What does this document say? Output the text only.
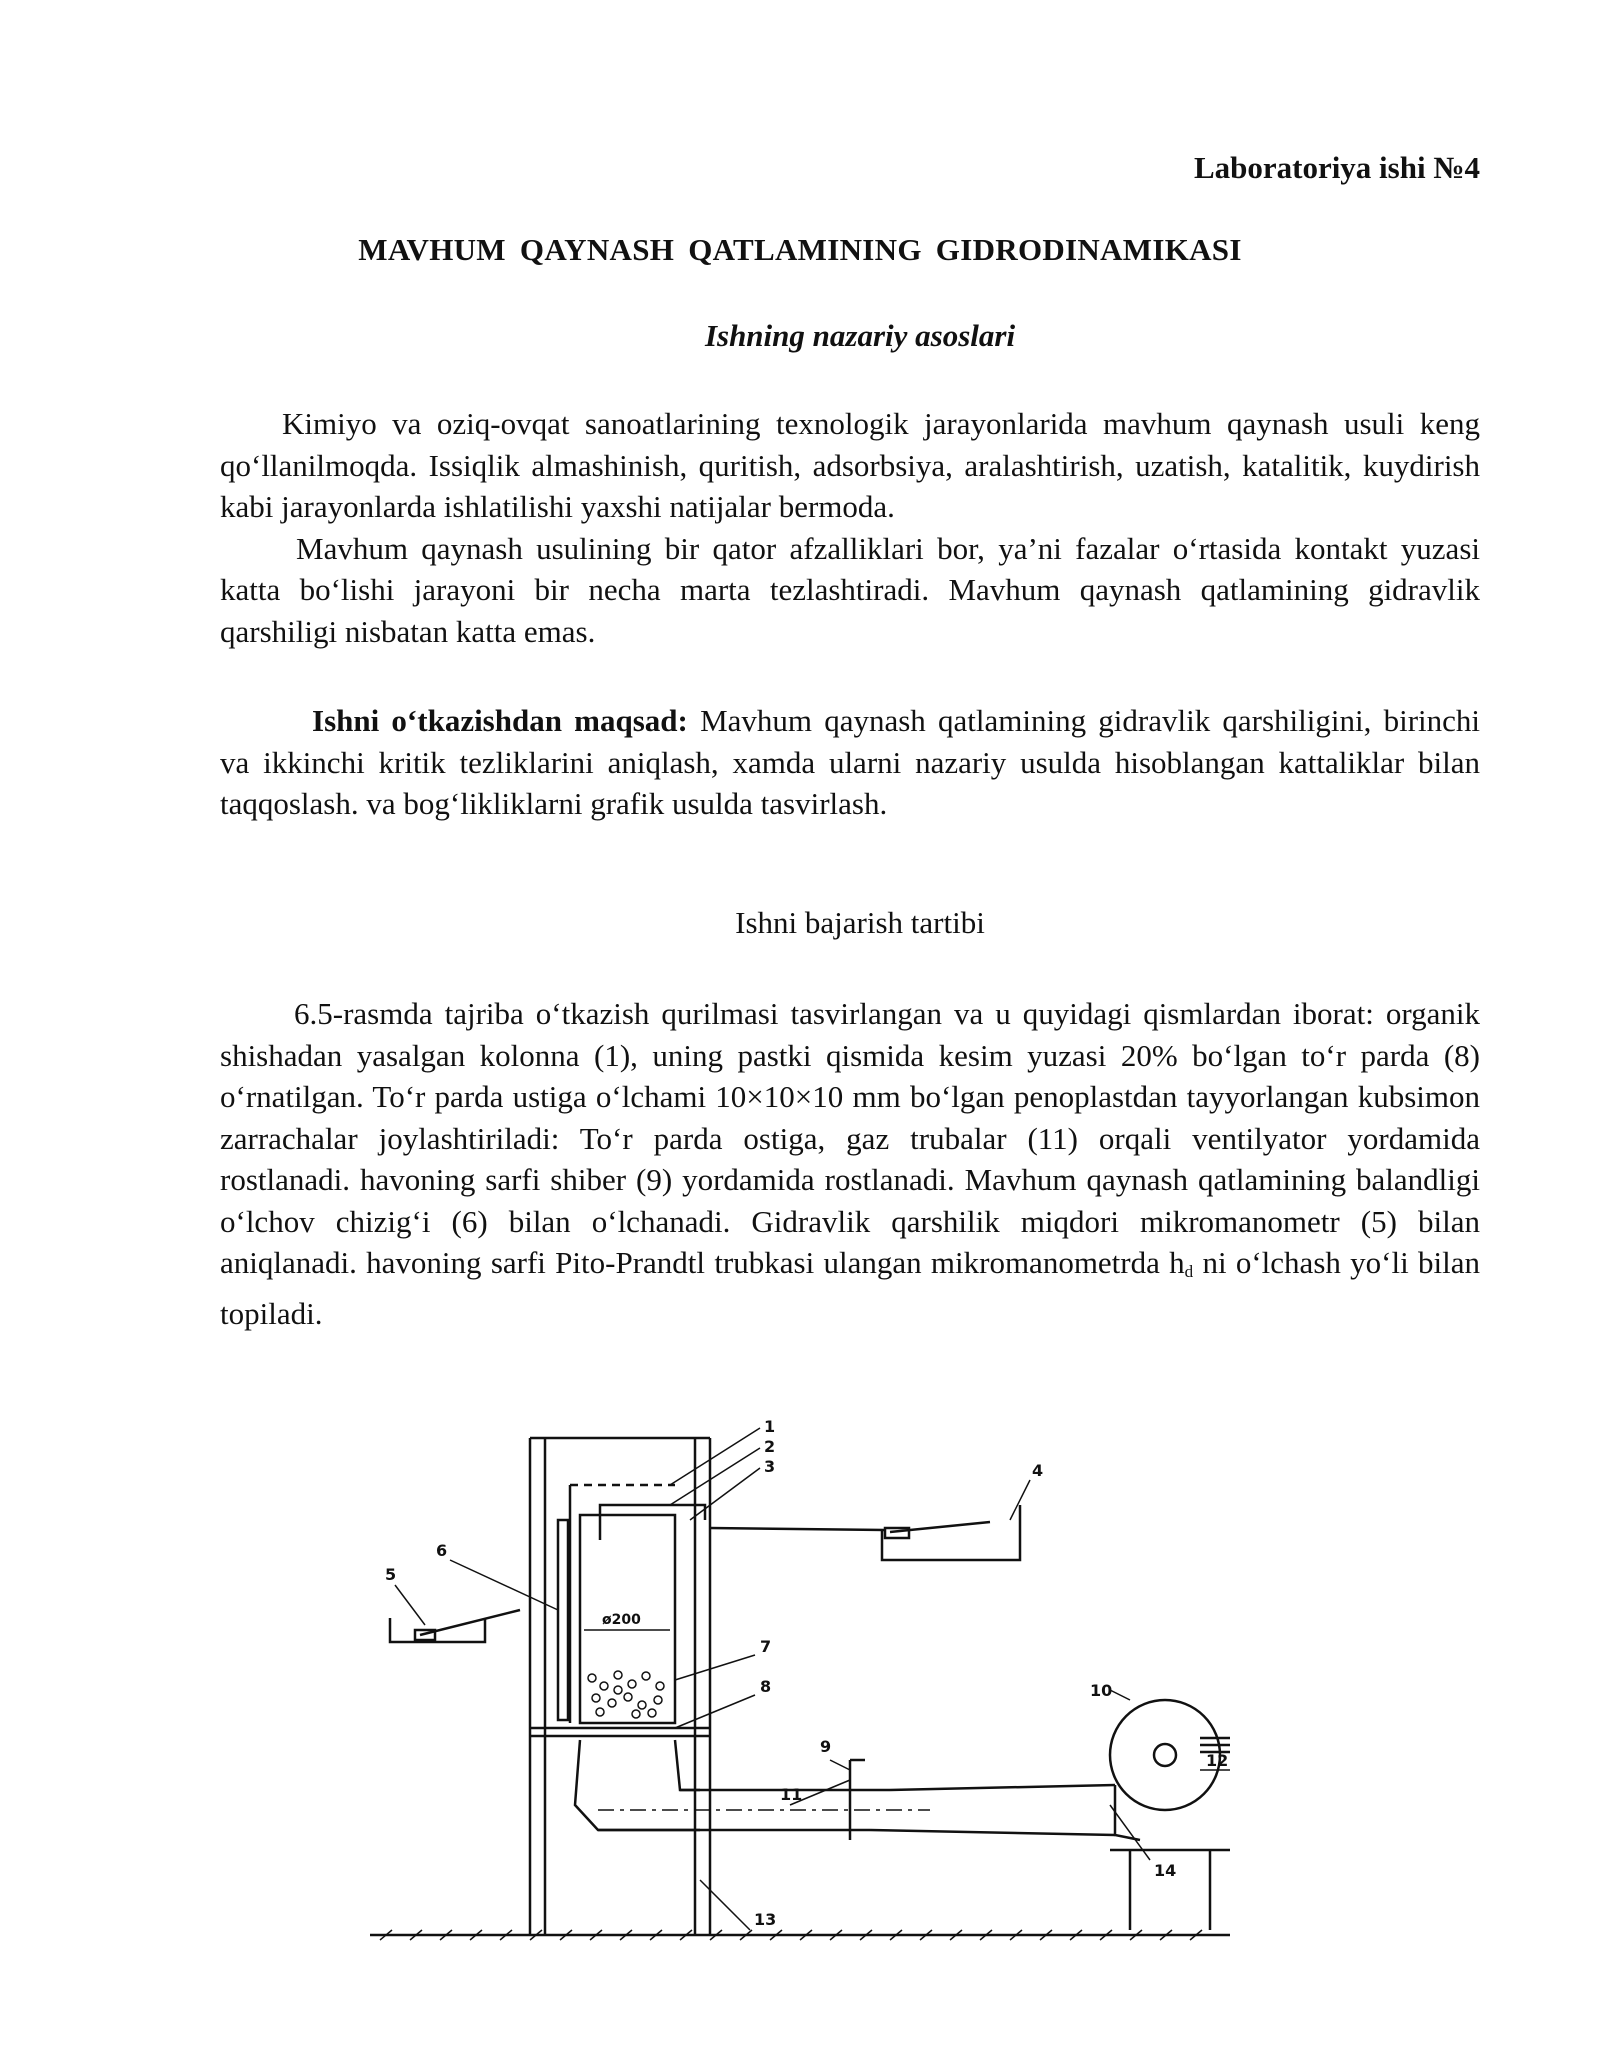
Laboratoriya ishi №4
MAVHUM QAYNASH QATLAMINING GIDRODINAMIKASI
Ishning nazariy asoslari

Kimiyo va oziq-ovqat sanoatlarining texnologik jarayonlarida mavhum qaynash usuli keng qo‘llanilmoqda. Issiqlik almashinish, quritish, adsorbsiya, aralashtirish, uzatish, katalitik, kuydirish kabi jarayonlarda ishlatilishi yaxshi natijalar bermoda.

Mavhum qaynash usulining bir qator afzalliklari bor, ya’ni fazalar o‘rtasida kontakt yuzasi katta bo‘lishi jarayoni bir necha marta tezlashtiradi. Mavhum qaynash qatlamining gidravlik qarshiligi nisbatan katta emas.

Ishni o‘tkazishdan maqsad: Mavhum qaynash qatlamining gidravlik qarshiligini, birinchi va ikkinchi kritik tezliklarini aniqlash, xamda ularni nazariy usulda hisoblangan kattaliklar bilan taqqoslash. va bog‘likliklarni grafik usulda tasvirlash.

Ishni bajarish tartibi

6.5-rasmda tajriba o‘tkazish qurilmasi tasvirlangan va u quyidagi qismlardan iborat: organik shishadan yasalgan kolonna (1), uning pastki qismida kesim yuzasi 20% bo‘lgan to‘r parda (8) o‘rnatilgan. To‘r parda ustiga o‘lchami 10×10×10 mm bo‘lgan penoplastdan tayyorlangan kubsimon zarrachalar joylashtiriladi: To‘r parda ostiga, gaz trubalar (11) orqali ventilyator yordamida rostlanadi. havoning sarfi shiber (9) yordamida rostlanadi. Mavhum qaynash qatlamining balandligi o‘lchov chizig‘i (6) bilan o‘lchanadi. Gidravlik qarshilik miqdori mikromanometr (5) bilan aniqlanadi. havoning sarfi Pito-Prandtl trubkasi ulangan mikromanometrda hd ni o‘lchash yo‘li bilan topiladi.

1
2
3	4
5
6
7
8
9
10
11
12
13
14
ø200
